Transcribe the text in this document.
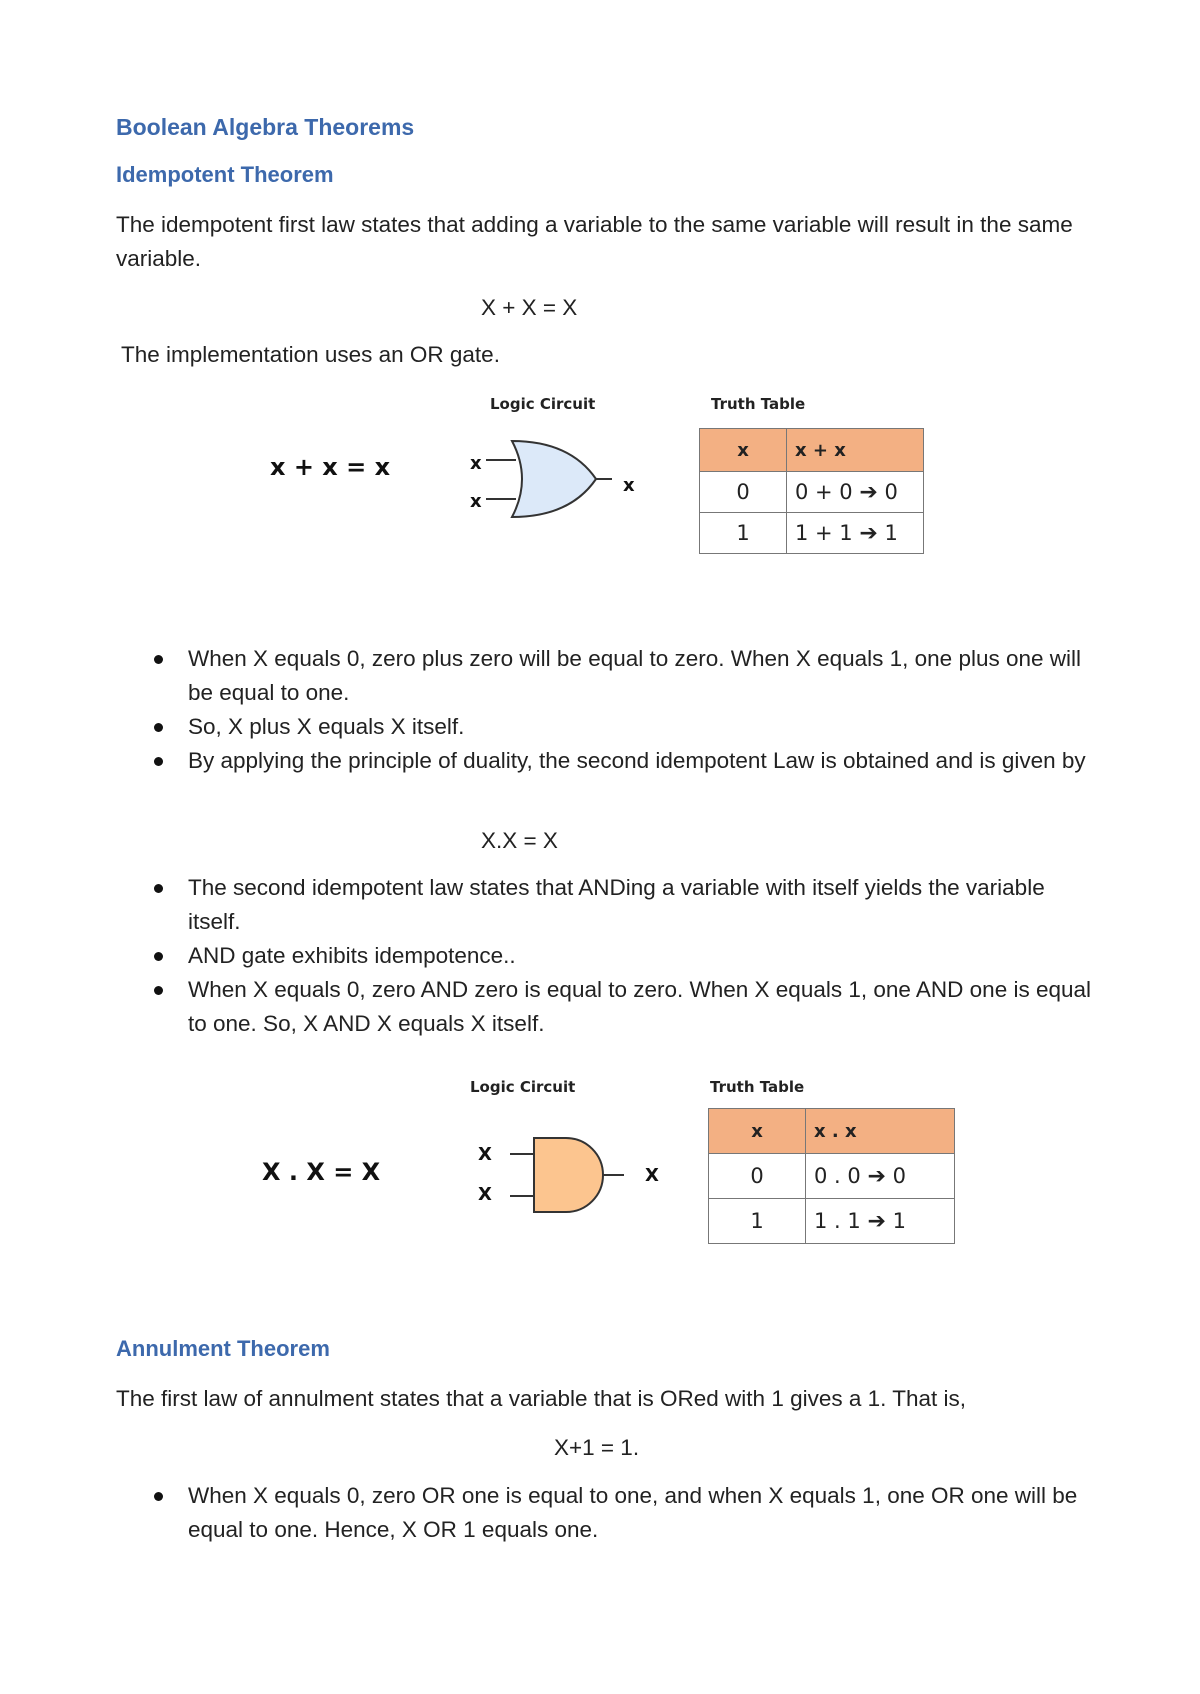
Boolean Algebra Theorems
Idempotent Theorem
The idempotent first law states that adding a variable to the same variable will result in the same variable.
X + X = X
The implementation uses an OR gate.
x + x = x
Logic Circuit	Truth Table
x
x
x
x	x + x
0	0 + 0 ➔ 0
1	1 + 1 ➔ 1
When X equals 0, zero plus zero will be equal to zero. When X equals 1, one plus one will be equal to one.
So, X plus X equals X itself.
By applying the principle of duality, the second idempotent Law is obtained and is given by
X.X = X
The second idempotent law states that ANDing a variable with itself yields the variable itself.
AND gate exhibits idempotence..
When X equals 0, zero AND zero is equal to zero. When X equals 1, one AND one is equal to one. So, X AND X equals X itself.
X . X = X
Logic Circuit	Truth Table
X
X
X
x	x . x
0	0 . 0 ➔ 0
1	1 . 1 ➔ 1
Annulment Theorem
The first law of annulment states that a variable that is ORed with 1 gives a 1. That is,
X+1 = 1.
When X equals 0, zero OR one is equal to one, and when X equals 1, one OR one will be equal to one. Hence, X OR 1 equals one.
